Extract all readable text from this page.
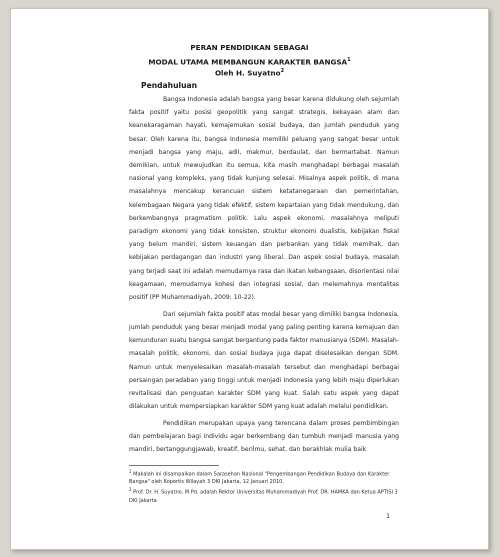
PERAN PENDIDIKAN SEBAGAI
MODAL UTAMA MEMBANGUN KARAKTER BANGSA$^1$
Oleh H. Suyatno$^2$
Pendahuluan

Bangsa Indonesia adalah bangsa yang besar karena didukung oleh sejumlah fakta positif yaitu posisi geopolitik yang sangat strategis, kekayaan alam dan keanekaragaman hayati, kemajemukan sosial budaya, dan jumlah penduduk yang besar. Oleh karena itu, bangsa Indonesia memiliki peluang yang sangat besar untuk menjadi bangsa yang maju, adil, makmur, berdaulat, dan bermartabat. Namun demikian, untuk mewujudkan itu semua, kita masih menghadapi berbagai masalah nasional yang kompleks, yang tidak kunjung selesai. Misalnya aspek politik, di mana masalahnya mencakup kerancuan sistem ketatanegaraan dan pemerintahan, kelembagaan Negara yang tidak efektif, sistem kepartaian yang tidak mendukung, dan berkembangnya pragmatism politik. Lalu aspek ekonomi, masalahnya meliputi paradigm ekonomi yang tidak konsisten, struktur ekonomi dualistis, kebijakan fiskal yang belum mandiri, sistem keuangan dan perbankan yang tidak memihak, dan kebijakan perdagangan dan industri yang liberal. Dan aspek sosial budaya, masalah yang terjadi saat ini adalah memudarnya rasa dan ikatan kebangsaan, disorientasi nilai keagamaan, memudarnya kohesi dan integrasi sosial, dan melemahnya mentalitas positif (PP Muhammadiyah, 2009: 10-22).

Dari sejumlah fakta positif atas modal besar yang dimiliki bangsa Indonesia, jumlah penduduk yang besar menjadi modal yang paling penting karena kemajuan dan kemunduran suatu bangsa sangat bergantung pada faktor manusianya (SDM). Masalah-masalah politik, ekonomi, dan sosial budaya juga dapat diselesaikan dengan SDM. Namun untuk menyelesaikan masalah-masalah tersebut dan menghadapi berbagai persaingan peradaban yang tinggi untuk menjadi Indonesia yang lebih maju diperlukan revitalisasi dan penguatan karakter SDM yang kuat. Salah satu aspek yang dapat dilakukan untuk mempersiapkan karakter SDM yang kuat adalah melalui pendidikan.

Pendidikan merupakan upaya yang terencana dalam proses pembimbingan dan pembelajaran bagi individu agar berkembang dan tumbuh menjadi manusia yang mandiri, bertanggungjawab, kreatif, berilmu, sehat, dan berakhlak mulia baik

$^1$ Makalah ini disampaikan dalam Sarasehan Nasional "Pengembangan Pendidikan Budaya dan Karakter Bangsa" oleh Kopertis Wilayah 3 DKI Jakarta, 12 Januari 2010.

$^2$ Prof. Dr. H. Suyatno, M.Pd. adalah Rektor Universitas Muhammadiyah Prof. DR. HAMKA dan Ketua APTISI 3 DKI Jakarta

1
